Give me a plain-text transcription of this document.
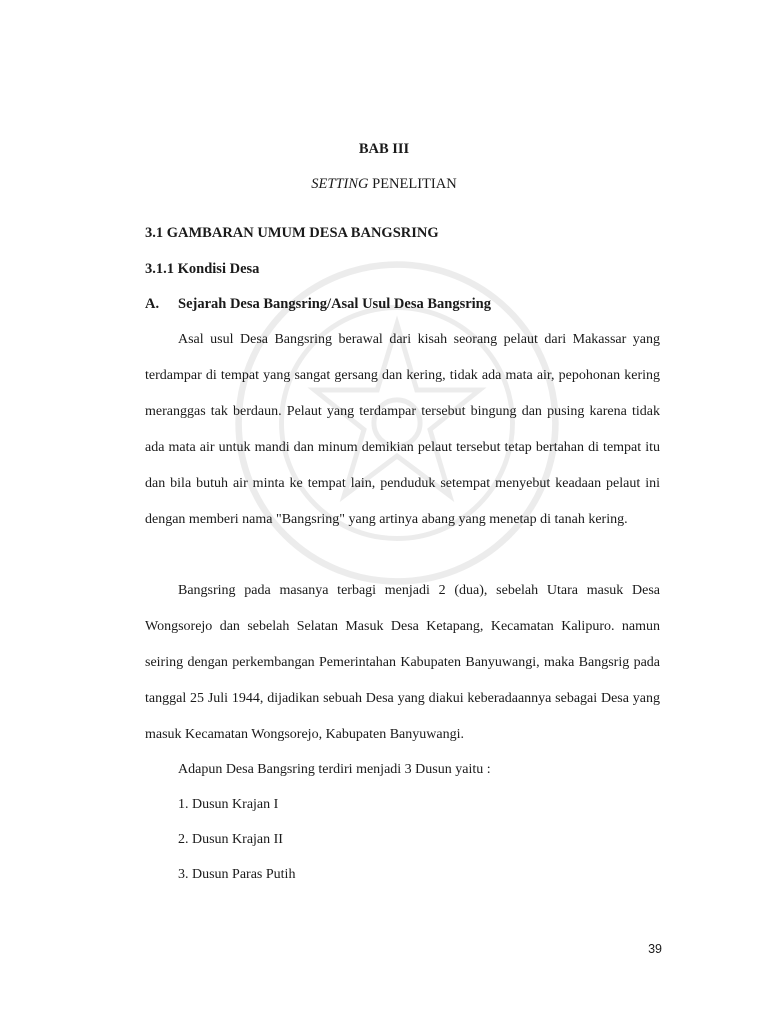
BAB III
SETTING PENELITIAN
3.1 GAMBARAN UMUM DESA BANGSRING
3.1.1 Kondisi Desa
A. Sejarah Desa Bangsring/Asal Usul Desa Bangsring

Asal usul Desa Bangsring berawal dari kisah seorang pelaut dari Makassar yang terdampar di tempat yang sangat gersang dan kering, tidak ada mata air, pepohonan kering meranggas tak berdaun. Pelaut yang terdampar tersebut bingung dan pusing karena tidak ada mata air untuk mandi dan minum demikian pelaut tersebut tetap bertahan di tempat itu dan bila butuh air minta ke tempat lain, penduduk setempat menyebut keadaan pelaut ini dengan memberi nama "Bangsring" yang artinya abang yang menetap di tanah kering.

Bangsring pada masanya terbagi menjadi 2 (dua), sebelah Utara masuk Desa Wongsorejo dan sebelah Selatan Masuk Desa Ketapang, Kecamatan Kalipuro. namun seiring dengan perkembangan Pemerintahan Kabupaten Banyuwangi, maka Bangsrig pada tanggal 25 Juli 1944, dijadikan sebuah Desa yang diakui keberadaannya sebagai Desa yang masuk Kecamatan Wongsorejo, Kabupaten Banyuwangi.

Adapun Desa Bangsring terdiri menjadi 3 Dusun yaitu :

1. Dusun Krajan I

2. Dusun Krajan II

3. Dusun Paras Putih

39
